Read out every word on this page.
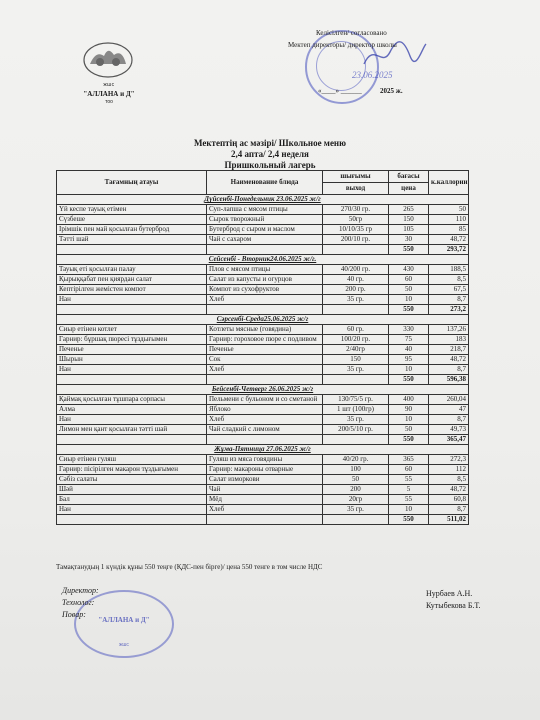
жшс
"АЛЛАНА и Д"
тоо
Келісілген/ согласовано
Мектеп директоры/ директор школы
«____» ______	2025 ж.
23.06.2025
Мектептің ас мәзірі/ Школьное меню
2,4 апта/ 2,4 неделя
Пришкольный лагерь
Тағамның атауы	Наименование блюда	шығымы	бағасы	к.каллории
		выход	цена	
Дүйсенбі-Понедельник 23.06.2025 ж/г				
Үй кеспе тауық етімен	Суп-лапша с мясом птицы	270/30 гр.	265	50
Сүзбеше	Сырок творожный	50гр	150	110
Ірімшік пен май қосылған бутерброд	Бутерброд с сыром и маслом	10/10/35 гр	105	85
Тәтті шай	Чай с сахаром	200/10 гр.	30	48,72
			550	293,72
Сейсенбі - Вторник24.06.2025 ж/г.				
Тауық еті қосылған палау	Плов с мясом птицы	40/200 гр.	430	188,5
Қырыққабат пен қиярдан салат	Салат из капусты и огурцов	40 гр.	60	8,5
Кептірілген жемістен компот	Компот из сухофруктов	200 гр.	50	67,5
Нан	Хлеб	35 гр.	10	8,7
			550	273,2
Сәрсенбі-Среда25.06.2025 ж/г				
Сиыр етінен котлет	Котлеты мясные (говядина)	60 гр.	330	137,26
Гарнир: бұршақ пюресі тұздығымен	Гарнир: гороховое пюре с подливом	100/20 гр.	75	183
Печенье	Печенье	2/40гр	40	218,7
Шырын	Сок	150	95	48,72
Нан	Хлеб	35 гр.	10	8,7
			550	596,38
Бейсенбі-Четверг 26.06.2025 ж/г				
Қаймақ қосылған тұшпара сорпасы	Пельмени с бульоном и со сметаной	130/75/5 гр.	400	260,04
Алма	Яблоко	1 шт (100гр)	90	47
Нан	Хлеб	35 гр.	10	8,7
Лимон мен қант қосылған тәтті шай	Чай сладкий с лимоном	200/5/10 гр.	50	49,73
			550	365,47
Жұма-Пятница 27.06.2025 ж/г				
Сиыр етінен гуляш	Гуляш из мяса говядины	40/20 гр.	365	272,3
Гарнир: пісірілген макарон тұздығымен	Гарнир: макароны отварные	100	60	112
Сәбіз салаты	Салат изморкови	50	55	8,5
Шәй	Чай	200	5	48,72
Бал	Мёд	20гр	55	60,8
Нан	Хлеб	35 гр.	10	8,7
			550	511,02
Тамақтанудың 1 күндік құны 550 теңге (ҚДС-пен бірге)/ цена 550 тенге в том числе НДС
"АЛЛАНА и Д"
жшс
Директор:
Технолог:
Повар:
Нурбаев А.Н.
Кутыбекова Б.Т.
